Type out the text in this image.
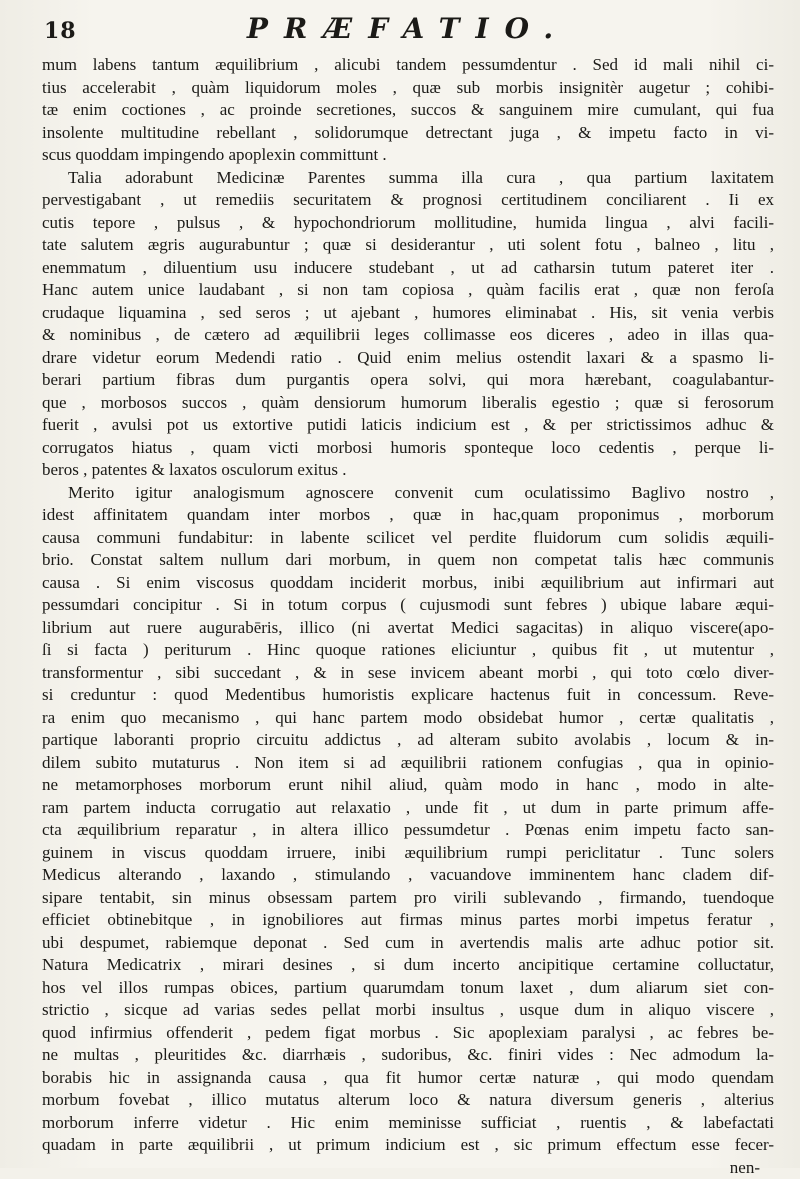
18	PRÆFATIO.
mum labens tantum æquilibrium , alicubi tandem pessumdentur . Sed id mali nihil ci-
tius accelerabit , quàm liquidorum moles , quæ sub morbis insignitèr augetur ; cohibi-
tæ enim coctiones , ac proinde secretiones, succos & sanguinem mire cumulant, qui fua
insolente multitudine rebellant , solidorumque detrectant juga , & impetu facto in vi-
scus quoddam impingendo apoplexin committunt .
Talia adorabunt Medicinæ Parentes summa illa cura , qua partium laxitatem
pervestigabant , ut remediis securitatem & prognosi certitudinem conciliarent . Ii ex
cutis tepore , pulsus , & hypochondriorum mollitudine, humida lingua , alvi facili-
tate salutem ægris augurabuntur ; quæ si desiderantur , uti solent fotu , balneo , litu ,
enemmatum , diluentium usu inducere studebant , ut ad catharsin tutum pateret iter .
Hanc autem unice laudabant , si non tam copiosa , quàm facilis erat , quæ non feroſa
crudaque liquamina , sed seros ; ut ajebant , humores eliminabat . His, sit venia verbis
& nominibus , de cætero ad æquilibrii leges collimasse eos diceres , adeo in illas qua-
drare videtur eorum Medendi ratio . Quid enim melius ostendit laxari & a spasmo li-
berari partium fibras dum purgantis opera solvi, qui mora hærebant, coagulabantur-
que , morbosos succos , quàm densiorum humorum liberalis egestio ; quæ si ferosorum
fuerit , avulsi pot us extortive putidi laticis indicium est , & per strictissimos adhuc &
corrugatos hiatus , quam victi morbosi humoris sponteque loco cedentis , perque li-
beros , patentes & laxatos osculorum exitus .
Merito igitur analogismum agnoscere convenit cum oculatissimo Baglivo nostro ,
idest affinitatem quandam inter morbos , quæ in hac,quam proponimus , morborum
causa communi fundabitur: in labente scilicet vel perdite fluidorum cum solidis æquili-
brio. Constat saltem nullum dari morbum, in quem non competat talis hæc communis
causa . Si enim viscosus quoddam inciderit morbus, inibi æquilibrium aut infirmari aut
pessumdari concipitur . Si in totum corpus ( cujusmodi sunt febres ) ubique labare æqui-
librium aut ruere augurabēris, illico (ni avertat Medici sagacitas) in aliquo viscere(apo-
ſi si facta ) periturum . Hinc quoque rationes eliciuntur , quibus fit , ut mutentur ,
transformentur , sibi succedant , & in sese invicem abeant morbi , qui toto cœlo diver-
si creduntur : quod Medentibus humoristis explicare hactenus fuit in concessum. Reve-
ra enim quo mecanismo , qui hanc partem modo obsidebat humor , certæ qualitatis ,
partique laboranti proprio circuitu addictus , ad alteram subito avolabis , locum & in-
dilem subito mutaturus . Non item si ad æquilibrii rationem confugias , qua in opinio-
ne metamorphoses morborum erunt nihil aliud, quàm modo in hanc , modo in alte-
ram partem inducta corrugatio aut relaxatio , unde fit , ut dum in parte primum affe-
cta æquilibrium reparatur , in altera illico pessumdetur . Pœnas enim impetu facto san-
guinem in viscus quoddam irruere, inibi æquilibrium rumpi periclitatur . Tunc solers
Medicus alterando , laxando , stimulando , vacuandove imminentem hanc cladem dif-
sipare tentabit, sin minus obsessam partem pro virili sublevando , firmando, tuendoque
efficiet obtinebitque , in ignobiliores aut firmas minus partes morbi impetus feratur ,
ubi despumet, rabiemque deponat . Sed cum in avertendis malis arte adhuc potior sit.
Natura Medicatrix , mirari desines , si dum incerto ancipitique certamine colluctatur,
hos vel illos rumpas obices, partium quarumdam tonum laxet , dum aliarum siet con-
strictio , sicque ad varias sedes pellat morbi insultus , usque dum in aliquo viscere ,
quod infirmius offenderit , pedem figat morbus . Sic apoplexiam paralysi , ac febres be-
ne multas , pleuritides &c. diarrhæis , sudoribus, &c. finiri vides : Nec admodum la-
borabis hic in assignanda causa , qua fit humor certæ naturæ , qui modo quendam
morbum fovebat , illico mutatus alterum loco & natura diversum generis , alterius
morborum inferre videtur . Hic enim meminisse sufficiat , ruentis , & labefactati
quadam in parte æquilibrii , ut primum indicium est , sic primum effectum esse fecer-
nen-
